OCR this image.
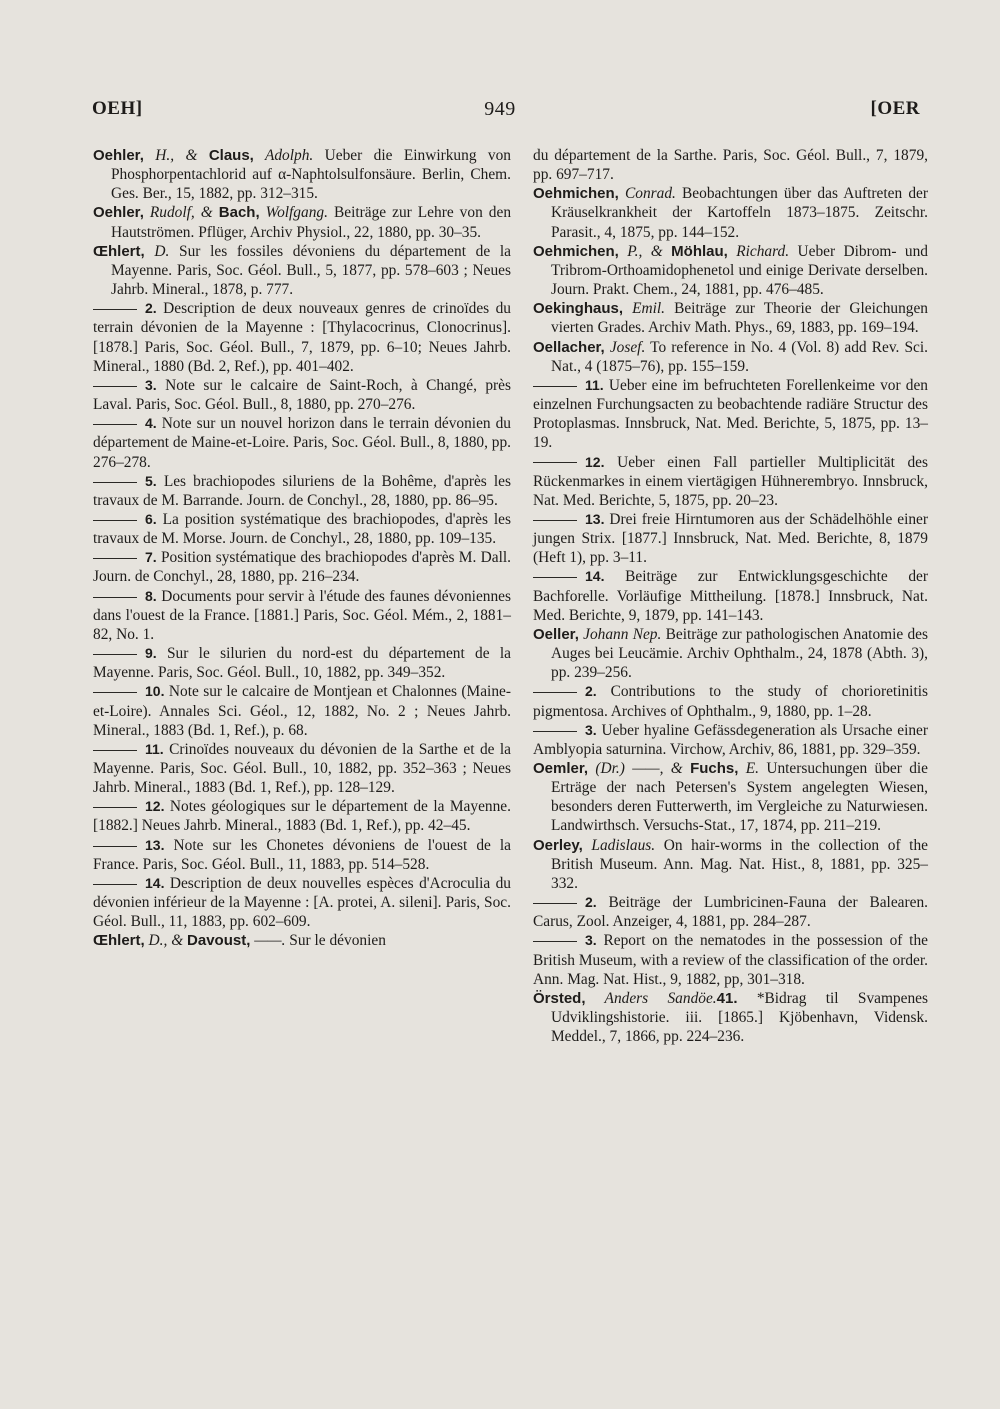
OEH]	949	[OER

Oehler, H., & Claus, Adolph. Ueber die Einwirkung von Phosphorpentachlorid auf α-Naphtolsulfonsäure. Berlin, Chem. Ges. Ber., 15, 1882, pp. 312–315.

Oehler, Rudolf, & Bach, Wolfgang. Beiträge zur Lehre von den Hautströmen. Pflüger, Archiv Physiol., 22, 1880, pp. 30–35.

Œhlert, D. Sur les fossiles dévoniens du département de la Mayenne. Paris, Soc. Géol. Bull., 5, 1877, pp. 578–603 ; Neues Jahrb. Mineral., 1878, p. 777.

2. Description de deux nouveaux genres de crinoïdes du terrain dévonien de la Mayenne : [Thylacocrinus, Clonocrinus]. [1878.] Paris, Soc. Géol. Bull., 7, 1879, pp. 6–10; Neues Jahrb. Mineral., 1880 (Bd. 2, Ref.), pp. 401–402.

3. Note sur le calcaire de Saint-Roch, à Changé, près Laval. Paris, Soc. Géol. Bull., 8, 1880, pp. 270–276.

4. Note sur un nouvel horizon dans le terrain dévonien du département de Maine-et-Loire. Paris, Soc. Géol. Bull., 8, 1880, pp. 276–278.

5. Les brachiopodes siluriens de la Bohême, d'après les travaux de M. Barrande. Journ. de Conchyl., 28, 1880, pp. 86–95.

6. La position systématique des brachiopodes, d'après les travaux de M. Morse. Journ. de Conchyl., 28, 1880, pp. 109–135.

7. Position systématique des brachiopodes d'après M. Dall. Journ. de Conchyl., 28, 1880, pp. 216–234.

8. Documents pour servir à l'étude des faunes dévoniennes dans l'ouest de la France. [1881.] Paris, Soc. Géol. Mém., 2, 1881–82, No. 1.

9. Sur le silurien du nord-est du département de la Mayenne. Paris, Soc. Géol. Bull., 10, 1882, pp. 349–352.

10. Note sur le calcaire de Montjean et Chalonnes (Maine-et-Loire). Annales Sci. Géol., 12, 1882, No. 2 ; Neues Jahrb. Mineral., 1883 (Bd. 1, Ref.), p. 68.

11. Crinoïdes nouveaux du dévonien de la Sarthe et de la Mayenne. Paris, Soc. Géol. Bull., 10, 1882, pp. 352–363 ; Neues Jahrb. Mineral., 1883 (Bd. 1, Ref.), pp. 128–129.

12. Notes géologiques sur le département de la Mayenne. [1882.] Neues Jahrb. Mineral., 1883 (Bd. 1, Ref.), pp. 42–45.

13. Note sur les Chonetes dévoniens de l'ouest de la France. Paris, Soc. Géol. Bull., 11, 1883, pp. 514–528.

14. Description de deux nouvelles espèces d'Acroculia du dévonien inférieur de la Mayenne : [A. protei, A. sileni]. Paris, Soc. Géol. Bull., 11, 1883, pp. 602–609.

Œhlert, D., & Davoust, ——. Sur le dévonien

du département de la Sarthe. Paris, Soc. Géol. Bull., 7, 1879, pp. 697–717.

Oehmichen, Conrad. Beobachtungen über das Auftreten der Kräuselkrankheit der Kartoffeln 1873–1875. Zeitschr. Parasit., 4, 1875, pp. 144–152.

Oehmichen, P., & Möhlau, Richard. Ueber Dibrom- und Tribrom-Orthoamidophenetol und einige Derivate derselben. Journ. Prakt. Chem., 24, 1881, pp. 476–485.

Oekinghaus, Emil. Beiträge zur Theorie der Gleichungen vierten Grades. Archiv Math. Phys., 69, 1883, pp. 169–194.

Oellacher, Josef. To reference in No. 4 (Vol. 8) add Rev. Sci. Nat., 4 (1875–76), pp. 155–159.

11. Ueber eine im befruchteten Forellenkeime vor den einzelnen Furchungsacten zu beobachtende radiäre Structur des Protoplasmas. Innsbruck, Nat. Med. Berichte, 5, 1875, pp. 13–19.

12. Ueber einen Fall partieller Multiplicität des Rückenmarkes in einem viertägigen Hühnerembryo. Innsbruck, Nat. Med. Berichte, 5, 1875, pp. 20–23.

13. Drei freie Hirntumoren aus der Schädelhöhle einer jungen Strix. [1877.] Innsbruck, Nat. Med. Berichte, 8, 1879 (Heft 1), pp. 3–11.

14. Beiträge zur Entwicklungsgeschichte der Bachforelle. Vorläufige Mittheilung. [1878.] Innsbruck, Nat. Med. Berichte, 9, 1879, pp. 141–143.

Oeller, Johann Nep. Beiträge zur pathologischen Anatomie des Auges bei Leucämie. Archiv Ophthalm., 24, 1878 (Abth. 3), pp. 239–256.

2. Contributions to the study of chorioretinitis pigmentosa. Archives of Ophthalm., 9, 1880, pp. 1–28.

3. Ueber hyaline Gefässdegeneration als Ursache einer Amblyopia saturnina. Virchow, Archiv, 86, 1881, pp. 329–359.

Oemler, (Dr.) ——, & Fuchs, E. Untersuchungen über die Erträge der nach Petersen's System angelegten Wiesen, besonders deren Futterwerth, im Vergleiche zu Naturwiesen. Landwirthsch. Versuchs-Stat., 17, 1874, pp. 211–219.

Oerley, Ladislaus. On hair-worms in the collection of the British Museum. Ann. Mag. Nat. Hist., 8, 1881, pp. 325–332.

2. Beiträge der Lumbricinen-Fauna der Balearen. Carus, Zool. Anzeiger, 4, 1881, pp. 284–287.

3. Report on the nematodes in the possession of the British Museum, with a review of the classification of the order. Ann. Mag. Nat. Hist., 9, 1882, pp, 301–318.

Örsted, Anders Sandöe.41. *Bidrag til Svampenes Udviklingshistorie. iii. [1865.] Kjöbenhavn, Vidensk. Meddel., 7, 1866, pp. 224–236.
